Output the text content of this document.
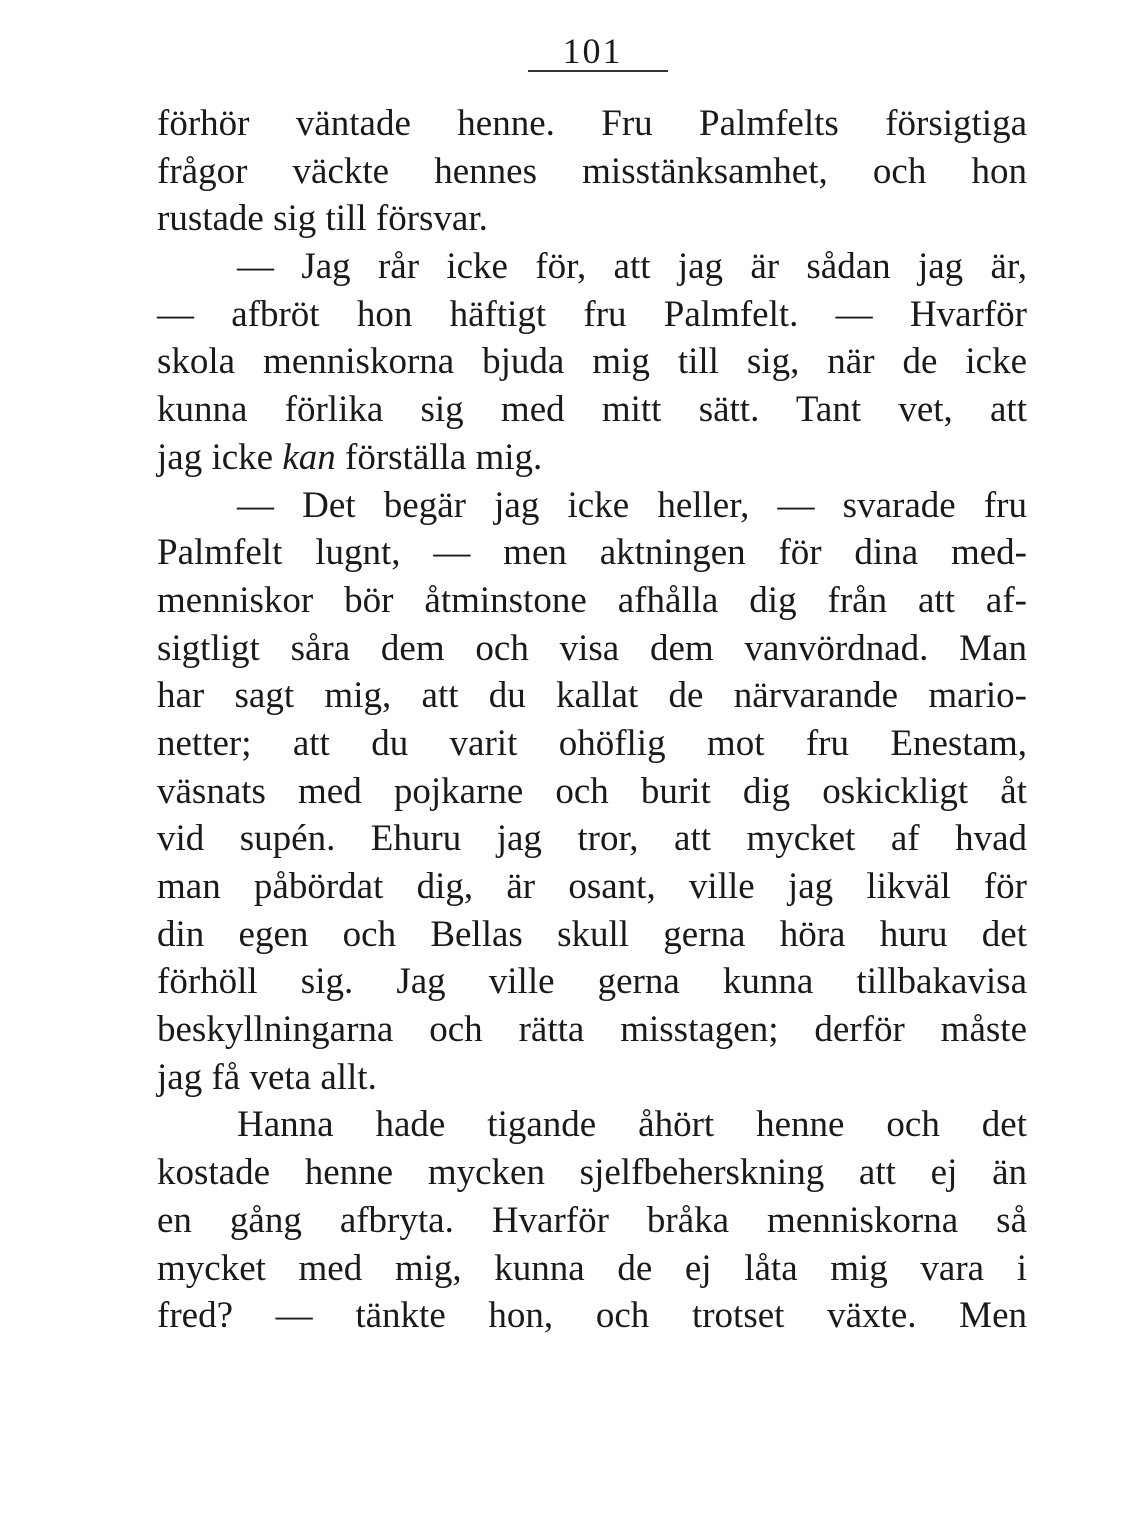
101
förhör väntade henne. Fru Palmfelts försigtiga
frågor väckte hennes misstänksamhet, och hon
rustade sig till försvar.
— Jag rår icke för, att jag är sådan jag är,
— afbröt hon häftigt fru Palmfelt. — Hvarför
skola menniskorna bjuda mig till sig, när de icke
kunna förlika sig med mitt sätt. Tant vet, att
jag icke kan förställa mig.
— Det begär jag icke heller, — svarade fru
Palmfelt lugnt, — men aktningen för dina med-
menniskor bör åtminstone afhålla dig från att af-
sigtligt såra dem och visa dem vanvördnad. Man
har sagt mig, att du kallat de närvarande mario-
netter; att du varit ohöflig mot fru Enestam,
väsnats med pojkarne och burit dig oskickligt åt
vid supén. Ehuru jag tror, att mycket af hvad
man påbördat dig, är osant, ville jag likväl för
din egen och Bellas skull gerna höra huru det
förhöll sig. Jag ville gerna kunna tillbakavisa
beskyllningarna och rätta misstagen; derför måste
jag få veta allt.
Hanna hade tigande åhört henne och det
kostade henne mycken sjelfbeherskning att ej än
en gång afbryta. Hvarför bråka menniskorna så
mycket med mig, kunna de ej låta mig vara i
fred? — tänkte hon, och trotset växte. Men
